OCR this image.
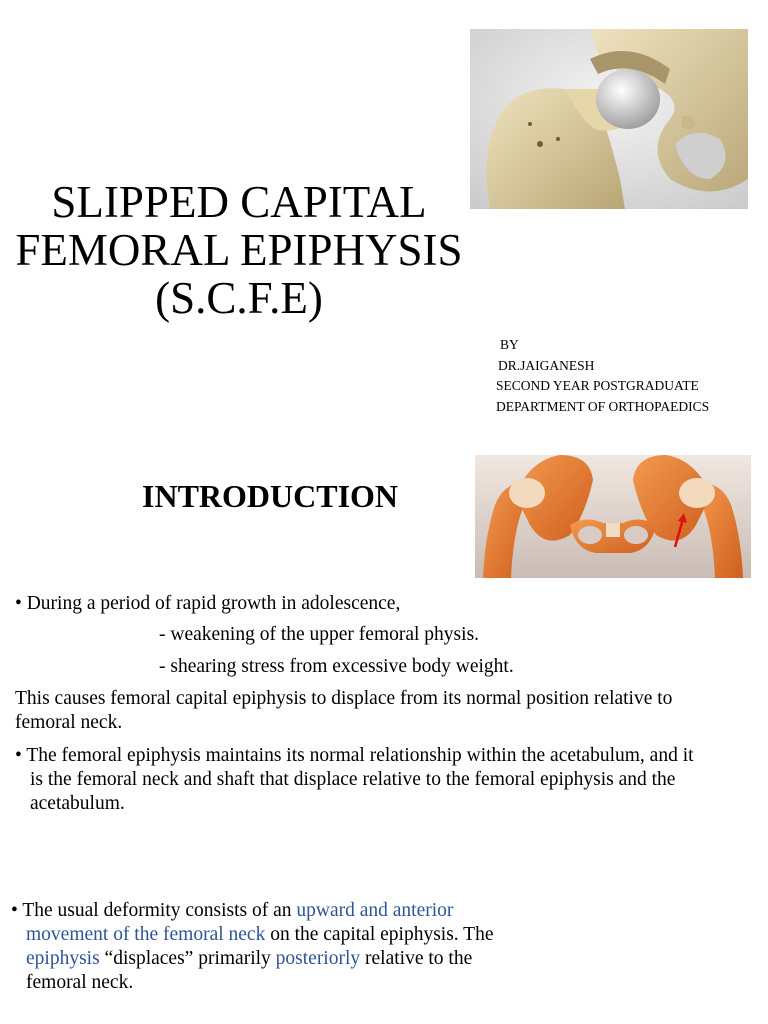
SLIPPED CAPITAL
FEMORAL EPIPHYSIS
(S.C.F.E)
BY
DR.JAIGANESH
SECOND YEAR POSTGRADUATE
DEPARTMENT OF ORTHOPAEDICS
INTRODUCTION
• During a period of rapid growth in adolescence,
- weakening of the upper femoral physis.
- shearing stress from excessive body weight.
This causes femoral capital epiphysis to displace from its normal position relative to femoral neck.
• The femoral epiphysis maintains its normal relationship within the acetabulum, and it is the femoral neck and shaft that displace relative to the femoral epiphysis and the acetabulum.
• The usual deformity consists of an upward and anterior movement of the femoral neck on the capital epiphysis. The epiphysis “displaces” primarily posteriorly relative to the femoral neck.
